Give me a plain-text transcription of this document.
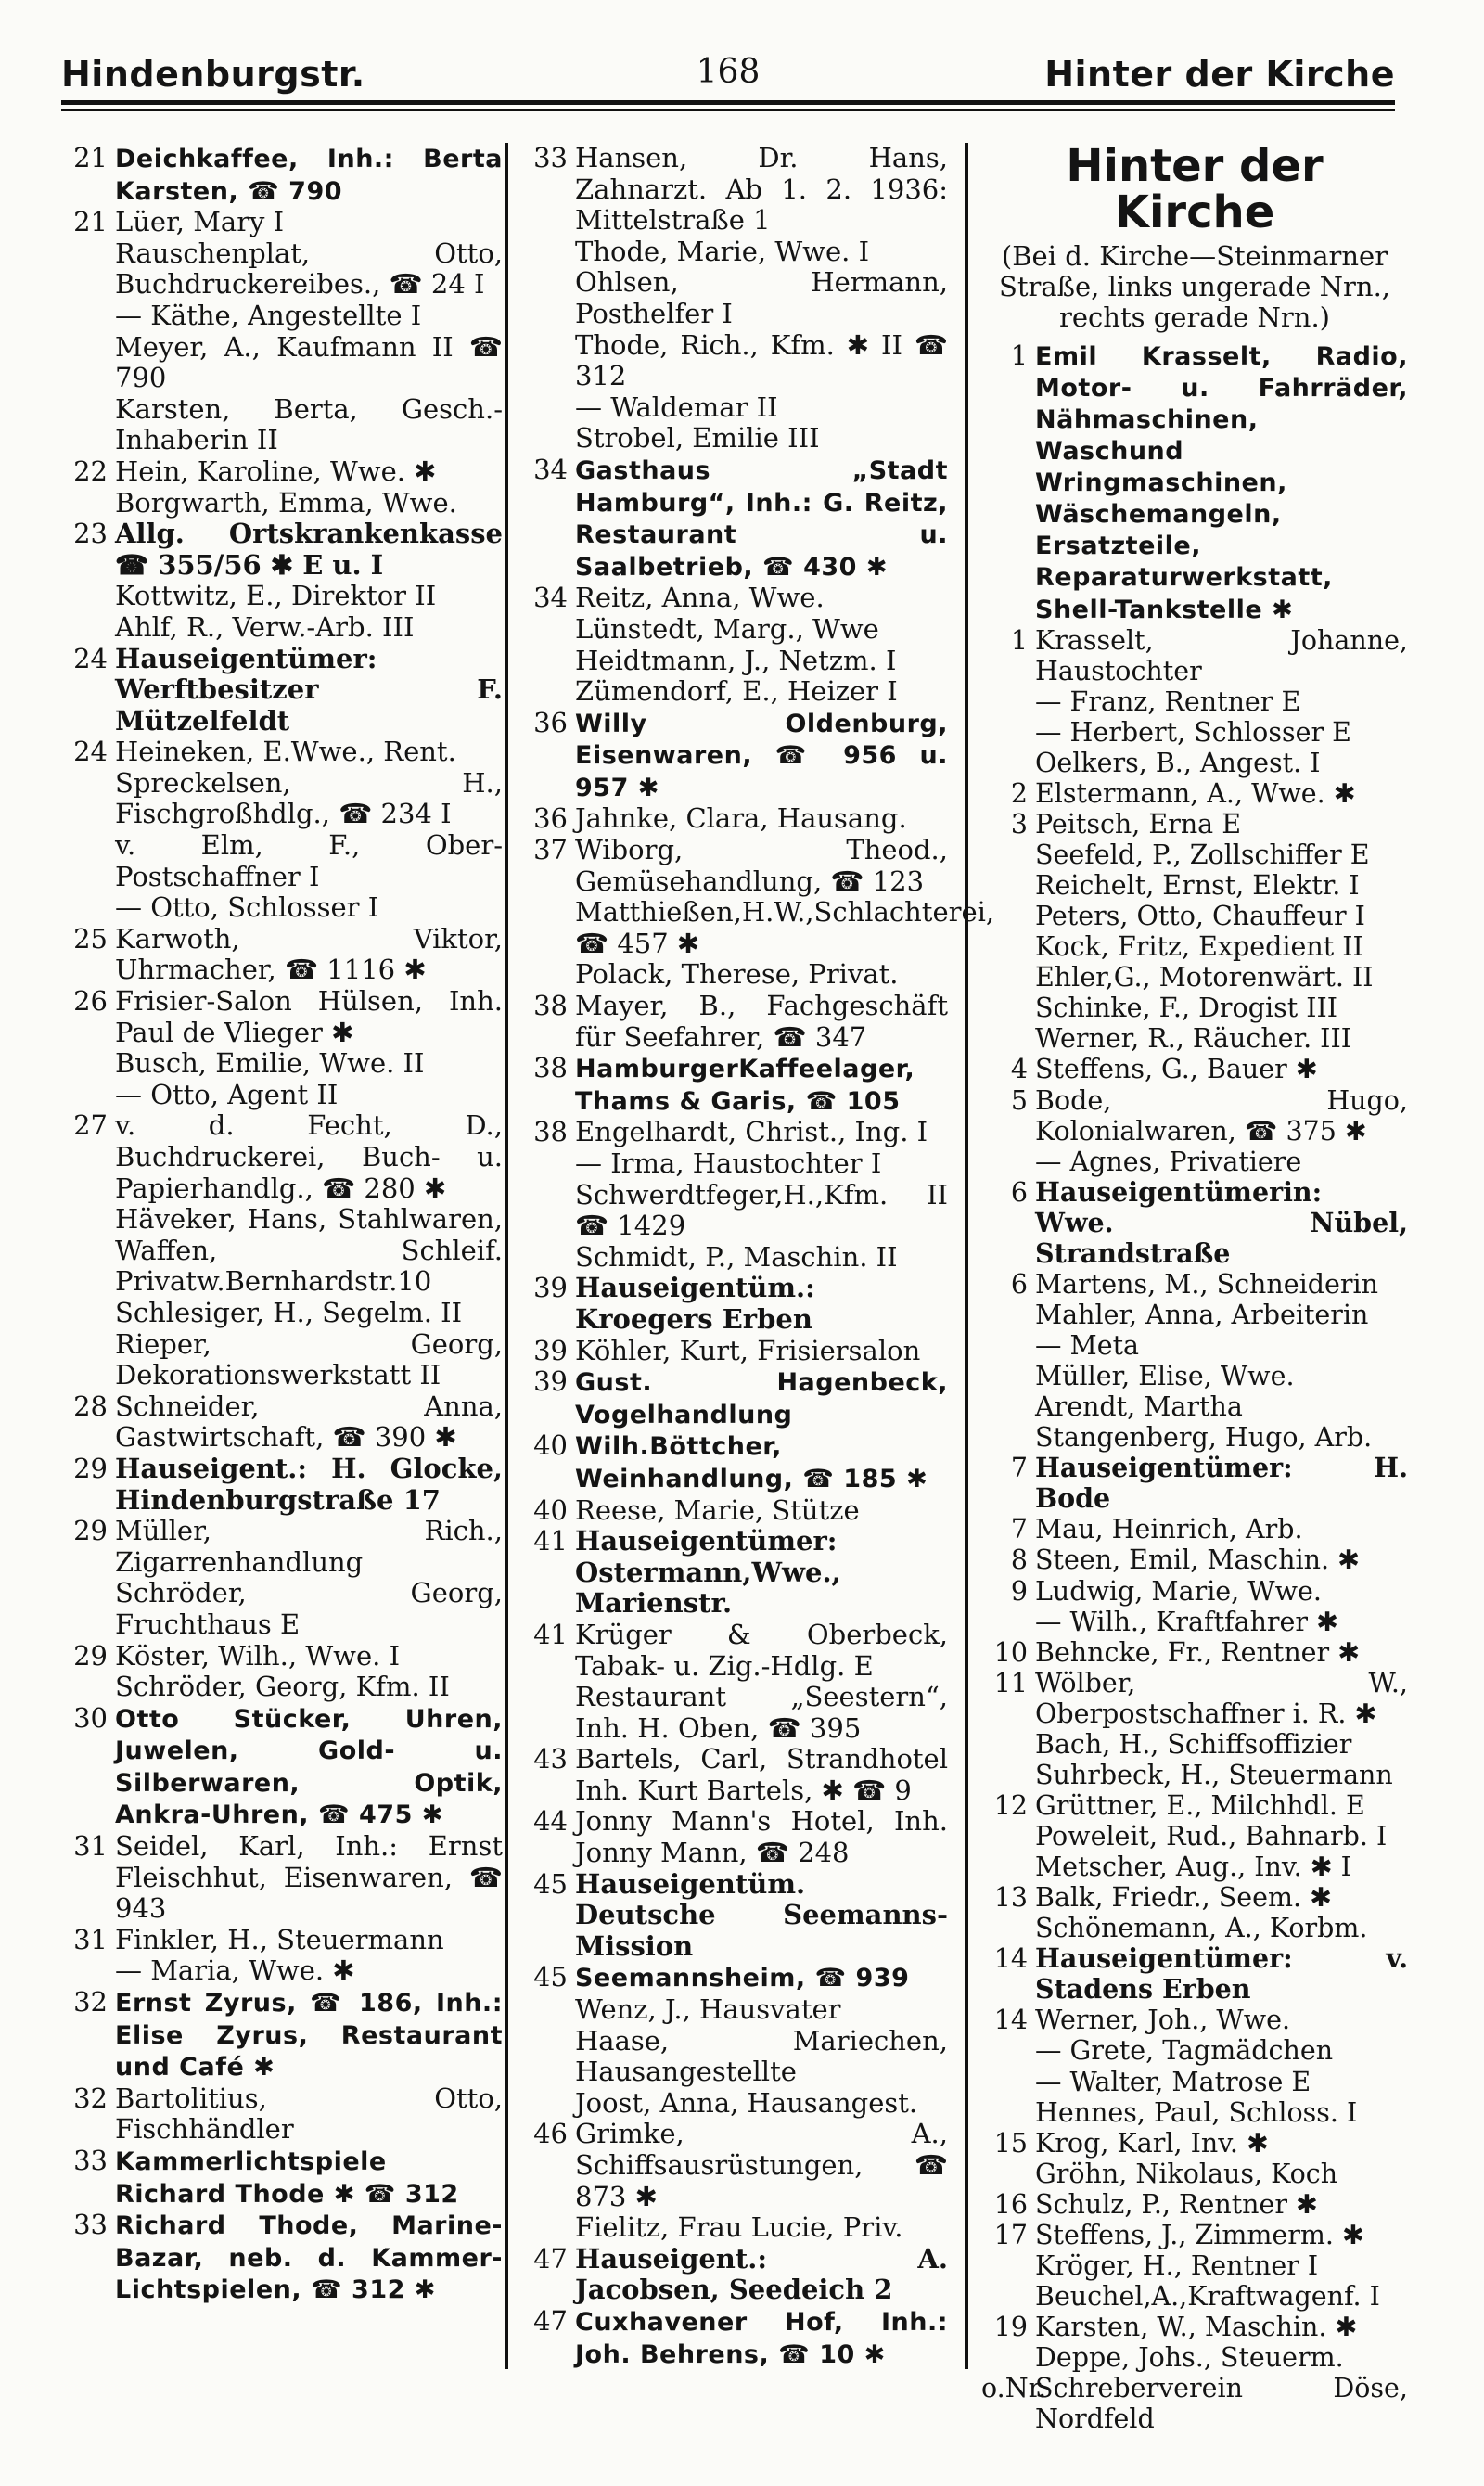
Hindenburgstr.	168	Hinter der Kirche
21 Deichkaffee, Inh.: Berta Karsten, ☎ 790
21 Lüer, Mary I
Rauschenplat, Otto, Buchdruckereibes., ☎ 24 I
— Käthe, Angestellte I
Meyer, A., Kaufmann II ☎ 790
Karsten, Berta, Gesch.-Inhaberin II
22 Hein, Karoline, Wwe. ✱
Borgwarth, Emma, Wwe.
23 Allg. Ortskrankenkasse ☎ 355/56 ✱ E u. I
Kottwitz, E., Direktor II
Ahlf, R., Verw.-Arb. III
24 Hauseigentümer: Werftbesitzer F. Mützelfeldt
24 Heineken, E.Wwe., Rent.
Spreckelsen, H., Fischgroßhdlg., ☎ 234 I
v. Elm, F., Ober-Postschaffner I
— Otto, Schlosser I
25 Karwoth, Viktor, Uhrmacher, ☎ 1116 ✱
26 Frisier-Salon Hülsen, Inh. Paul de Vlieger ✱
Busch, Emilie, Wwe. II
— Otto, Agent II
27 v. d. Fecht, D., Buchdruckerei, Buch- u. Papierhandlg., ☎ 280 ✱
Häveker, Hans, Stahlwaren, Waffen, Schleif. Privatw.Bernhardstr.10
Schlesiger, H., Segelm. II
Rieper, Georg, Dekorationswerkstatt II
28 Schneider, Anna, Gastwirtschaft, ☎ 390 ✱
29 Hauseigent.: H. Glocke, Hindenburgstraße 17
29 Müller, Rich., Zigarrenhandlung
Schröder, Georg, Fruchthaus E
29 Köster, Wilh., Wwe. I
Schröder, Georg, Kfm. II
30 Otto Stücker, Uhren, Juwelen, Gold- u. Silberwaren, Optik, Ankra-Uhren, ☎ 475 ✱
31 Seidel, Karl, Inh.: Ernst Fleischhut, Eisenwaren, ☎ 943
31 Finkler, H., Steuermann
— Maria, Wwe. ✱
32 Ernst Zyrus, ☎ 186, Inh.: Elise Zyrus, Restaurant und Café ✱
32 Bartolitius, Otto, Fischhändler
33 Kammerlichtspiele Richard Thode ✱ ☎ 312
33 Richard Thode, Marine-Bazar, neb. d. Kammer-Lichtspielen, ☎ 312 ✱
33 Hansen, Dr. Hans, Zahnarzt. Ab 1. 2. 1936: Mittelstraße 1
Thode, Marie, Wwe. I
Ohlsen, Hermann, Posthelfer I
Thode, Rich., Kfm. ✱ II ☎ 312
— Waldemar II
Strobel, Emilie III
34 Gasthaus „Stadt Hamburg“, Inh.: G. Reitz, Restaurant u. Saalbetrieb, ☎ 430 ✱
34 Reitz, Anna, Wwe.
Lünstedt, Marg., Wwe
Heidtmann, J., Netzm. I
Zümendorf, E., Heizer I
36 Willy Oldenburg, Eisenwaren, ☎ 956 u. 957 ✱
36 Jahnke, Clara, Hausang.
37 Wiborg, Theod., Gemüsehandlung, ☎ 123
Matthießen,H.W.,Schlachterei, ☎ 457 ✱
Polack, Therese, Privat.
38 Mayer, B., Fachgeschäft für Seefahrer, ☎ 347
38 HamburgerKaffeelager, Thams & Garis, ☎ 105
38 Engelhardt, Christ., Ing. I
— Irma, Haustochter I
Schwerdtfeger,H.,Kfm. II ☎ 1429
Schmidt, P., Maschin. II
39 Hauseigentüm.: Kroegers Erben
39 Köhler, Kurt, Frisiersalon
39 Gust. Hagenbeck, Vogelhandlung
40 Wilh.Böttcher, Weinhandlung, ☎ 185 ✱
40 Reese, Marie, Stütze
41 Hauseigentümer: Ostermann,Wwe., Marienstr.
41 Krüger & Oberbeck, Tabak- u. Zig.-Hdlg. E
Restaurant „Seestern“, Inh. H. Oben, ☎ 395
43 Bartels, Carl, Strandhotel Inh. Kurt Bartels, ✱ ☎ 9
44 Jonny Mann's Hotel, Inh. Jonny Mann, ☎ 248
45 Hauseigentüm. Deutsche Seemanns-Mission
45 Seemannsheim, ☎ 939
Wenz, J., Hausvater
Haase, Mariechen, Hausangestellte
Joost, Anna, Hausangest.
46 Grimke, A., Schiffsausrüstungen, ☎ 873 ✱
Fielitz, Frau Lucie, Priv.
47 Hauseigent.: A. Jacobsen, Seedeich 2
47 Cuxhavener Hof, Inh.: Joh. Behrens, ☎ 10 ✱
Hinter der Kirche
(Bei d. Kirche—Steinmarner Straße, links ungerade Nrn., rechts gerade Nrn.)
1 Emil Krasselt, Radio, Motor- u. Fahrräder, Nähmaschinen, Waschund Wringmaschinen, Wäschemangeln, Ersatzteile, Reparaturwerkstatt, Shell-Tankstelle ✱
1 Krasselt, Johanne, Haustochter
— Franz, Rentner E
— Herbert, Schlosser E
Oelkers, B., Angest. I
2 Elstermann, A., Wwe. ✱
3 Peitsch, Erna E
Seefeld, P., Zollschiffer E
Reichelt, Ernst, Elektr. I
Peters, Otto, Chauffeur I
Kock, Fritz, Expedient II
Ehler,G., Motorenwärt. II
Schinke, F., Drogist III
Werner, R., Räucher. III
4 Steffens, G., Bauer ✱
5 Bode, Hugo, Kolonialwaren, ☎ 375 ✱
— Agnes, Privatiere
6 Hauseigentümerin: Wwe. Nübel, Strandstraße
6 Martens, M., Schneiderin
Mahler, Anna, Arbeiterin
— Meta
Müller, Elise, Wwe.
Arendt, Martha
Stangenberg, Hugo, Arb.
7 Hauseigentümer: H. Bode
7 Mau, Heinrich, Arb.
8 Steen, Emil, Maschin. ✱
9 Ludwig, Marie, Wwe.
— Wilh., Kraftfahrer ✱
10 Behncke, Fr., Rentner ✱
11 Wölber, W., Oberpostschaffner i. R. ✱
Bach, H., Schiffsoffizier
Suhrbeck, H., Steuermann
12 Grüttner, E., Milchhdl. E
Poweleit, Rud., Bahnarb. I
Metscher, Aug., Inv. ✱ I
13 Balk, Friedr., Seem. ✱
Schönemann, A., Korbm.
14 Hauseigentümer: v. Stadens Erben
14 Werner, Joh., Wwe.
— Grete, Tagmädchen
— Walter, Matrose E
Hennes, Paul, Schloss. I
15 Krog, Karl, Inv. ✱
Gröhn, Nikolaus, Koch
16 Schulz, P., Rentner ✱
17 Steffens, J., Zimmerm. ✱
Kröger, H., Rentner I
Beuchel,A.,Kraftwagenf. I
19 Karsten, W., Maschin. ✱
Deppe, Johs., Steuerm.
o.Nr.
Schreberverein Döse, Nordfeld
